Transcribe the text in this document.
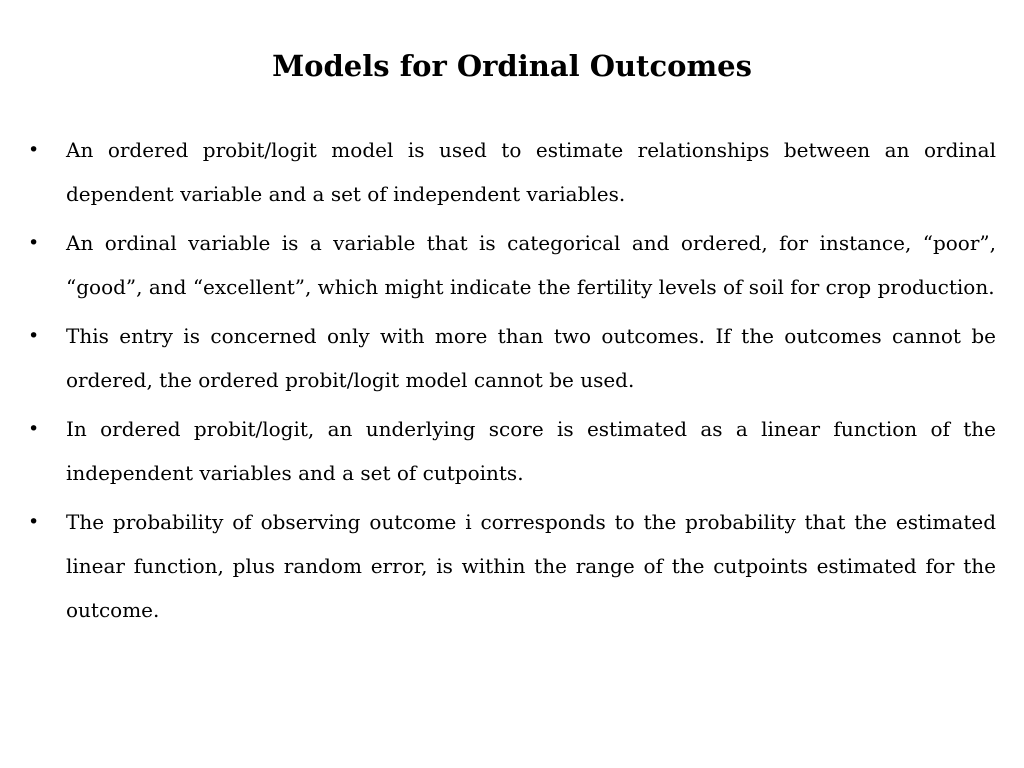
Models for Ordinal Outcomes
•	An ordered probit/logit model is used to estimate relationships between an ordinal dependent variable and a set of independent variables.
•	An ordinal variable is a variable that is categorical and ordered, for instance, “poor”, “good”, and “excellent”, which might indicate the fertility levels of soil for crop production.
•	This entry is concerned only with more than two outcomes. If the outcomes cannot be ordered, the ordered probit/logit model cannot be used.
•	In ordered probit/logit, an underlying score is estimated as a linear function of the independent variables and a set of cutpoints.
•	The probability of observing outcome i corresponds to the probability that the estimated linear function, plus random error, is within the range of the cutpoints estimated for the outcome.
